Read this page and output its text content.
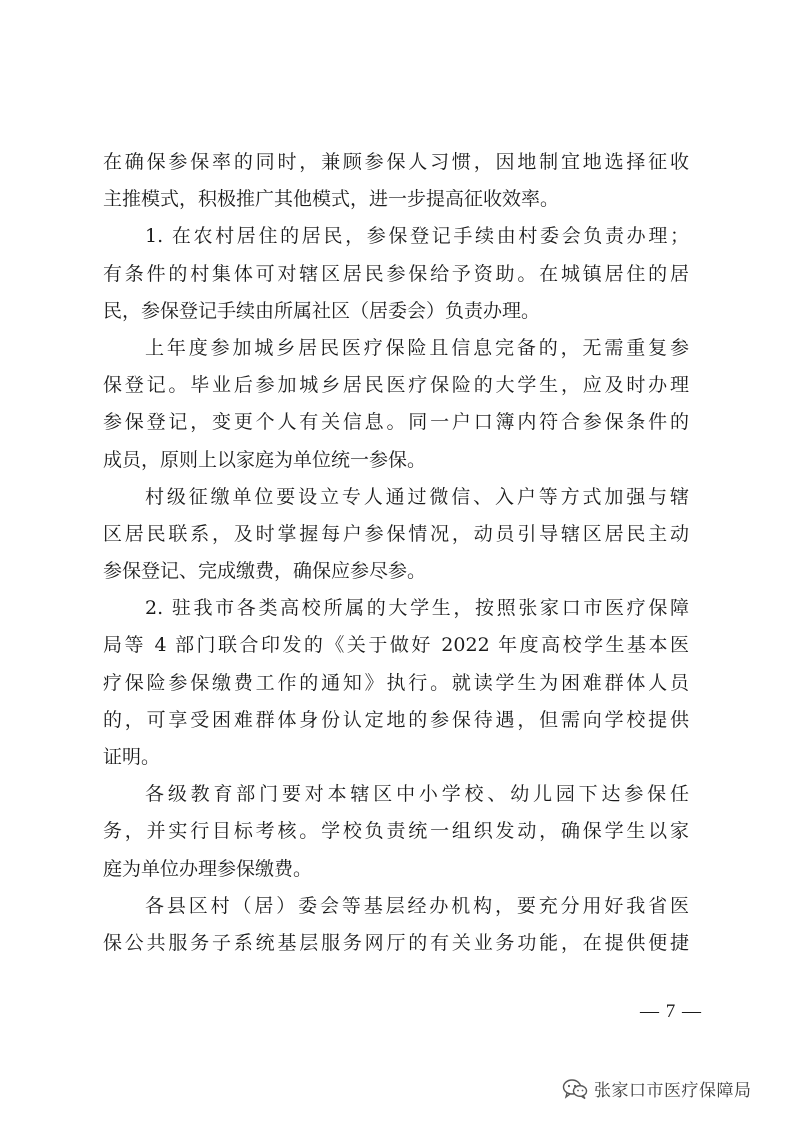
在确保参保率的同时，兼顾参保人习惯，因地制宜地选择征收
主推模式，积极推广其他模式，进一步提高征收效率。
1. 在农村居住的居民，参保登记手续由村委会负责办理；
有条件的村集体可对辖区居民参保给予资助。在城镇居住的居
民，参保登记手续由所属社区（居委会）负责办理。
上年度参加城乡居民医疗保险且信息完备的，无需重复参
保登记。毕业后参加城乡居民医疗保险的大学生，应及时办理
参保登记，变更个人有关信息。同一户口簿内符合参保条件的
成员，原则上以家庭为单位统一参保。
村级征缴单位要设立专人通过微信、入户等方式加强与辖
区居民联系，及时掌握每户参保情况，动员引导辖区居民主动
参保登记、完成缴费，确保应参尽参。
2. 驻我市各类高校所属的大学生，按照张家口市医疗保障
局等 4 部门联合印发的《关于做好 2022 年度高校学生基本医
疗保险参保缴费工作的通知》执行。就读学生为困难群体人员
的，可享受困难群体身份认定地的参保待遇，但需向学校提供
证明。
各级教育部门要对本辖区中小学校、幼儿园下达参保任
务，并实行目标考核。学校负责统一组织发动，确保学生以家
庭为单位办理参保缴费。
各县区村（居）委会等基层经办机构，要充分用好我省医
保公共服务子系统基层服务网厅的有关业务功能，在提供便捷
— 7 —
张家口市医疗保障局
